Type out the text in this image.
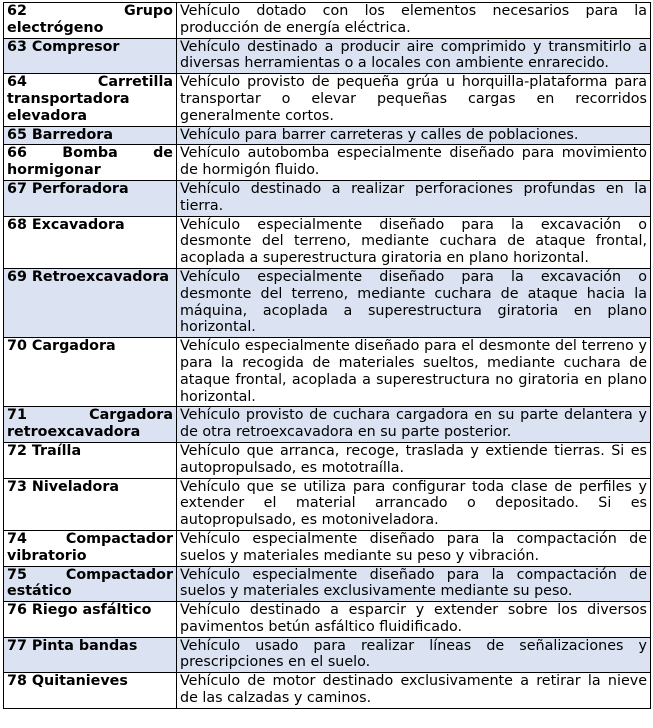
62 Grupo electrógeno	Vehículo dotado con los elementos necesarios para la producción de energía eléctrica.
63 Compresor	Vehículo destinado a producir aire comprimido y transmitirlo a diversas herramientas o a locales con ambiente enrarecido.
64 Carretilla transportadora elevadora	Vehículo provisto de pequeña grúa u horquilla-plataforma para transportar o elevar pequeñas cargas en recorridos generalmente cortos.
65 Barredora	Vehículo para barrer carreteras y calles de poblaciones.
66 Bomba de hormigonar	Vehículo autobomba especialmente diseñado para movimiento de hormigón fluido.
67 Perforadora	Vehículo destinado a realizar perforaciones profundas en la tierra.
68 Excavadora	Vehículo especialmente diseñado para la excavación o desmonte del terreno, mediante cuchara de ataque frontal, acoplada a superestructura giratoria en plano horizontal.
69 Retroexcavadora	Vehículo especialmente diseñado para la excavación o desmonte del terreno, mediante cuchara de ataque hacia la máquina, acoplada a superestructura giratoria en plano horizontal.
70 Cargadora	Vehículo especialmente diseñado para el desmonte del terreno y para la recogida de materiales sueltos, mediante cuchara de ataque frontal, acoplada a superestructura no giratoria en plano horizontal.
71 Cargadora retroexcavadora	Vehículo provisto de cuchara cargadora en su parte delantera y de otra retroexcavadora en su parte posterior.
72 Traílla	Vehículo que arranca, recoge, traslada y extiende tierras. Si es autopropulsado, es mototraílla.
73 Niveladora	Vehículo que se utiliza para configurar toda clase de perfiles y extender el material arrancado o depositado. Si es autopropulsado, es motoniveladora.
74 Compactador vibratorio	Vehículo especialmente diseñado para la compactación de suelos y materiales mediante su peso y vibración.
75 Compactador estático	Vehículo especialmente diseñado para la compactación de suelos y materiales exclusivamente mediante su peso.
76 Riego asfáltico	Vehículo destinado a esparcir y extender sobre los diversos pavimentos betún asfáltico fluidificado.
77 Pinta bandas	Vehículo usado para realizar líneas de señalizaciones y prescripciones en el suelo.
78 Quitanieves	Vehículo de motor destinado exclusivamente a retirar la nieve de las calzadas y caminos.
